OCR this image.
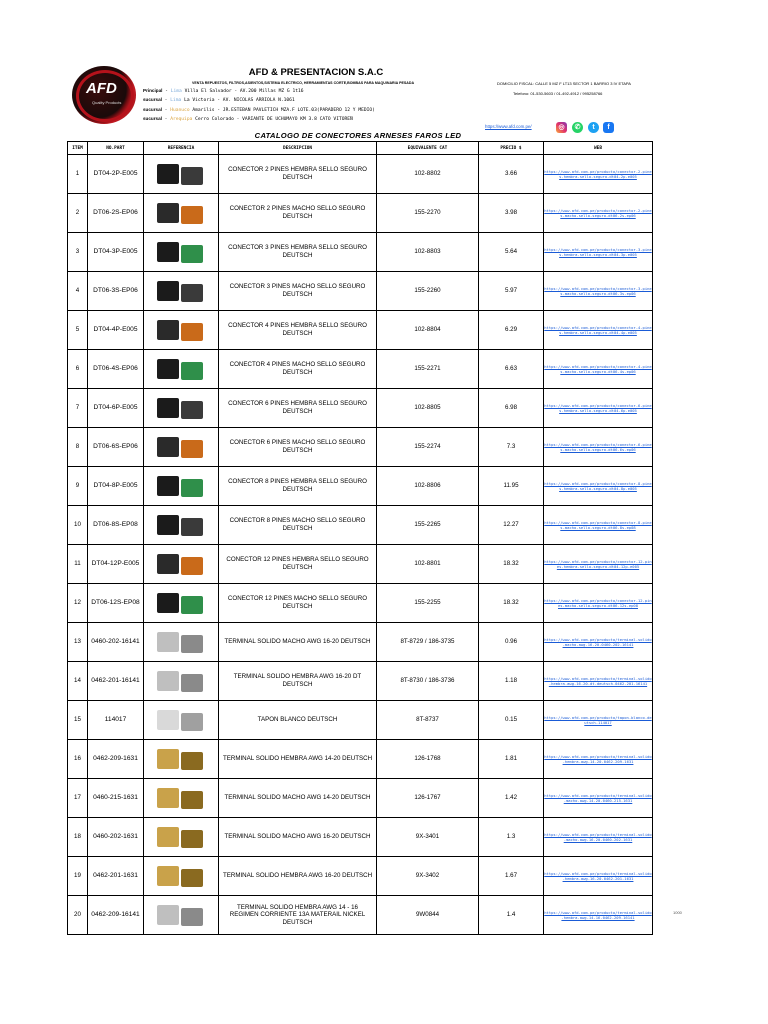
AFD
Quality Products
AFD & PRESENTACION S.A.C
VENTA REPUESTOS, FILTROS,ASIENTOS,SISTEMA ELECTRICO, HERRAMIENTAS CORTE,BOMBAS PARA MAQUINARIA PESADA
Principal - Lima Villa El Salvador - AV.200 Millas MZ G 1t16
sucursal - Lima La Victoria - AV. NICOLAS ARRIOLA N.1061
sucursal - Huanuco Amarilis - JR.ESTEBAN PAVLETICH MZA.F LOTE.03(PARADERO 12 Y MEDIO)
sucursal - Arequipa Cerro Colorado - VARIANTE DE UCHUMAYO KM 3.8 CATO VITOREÑ
DOMICILIO FISCAL: CALLE 5 MZ F LT13 SECTOR 1 BARRIO 3 IV ETAPA
Telefono: 01-530-5603 / 01-492-4912 / 995258766
https://www.afd.com.pe/	◎	✆	t	f
CATALOGO DE CONECTORES ARNESES FAROS LED
ITEM	NO.PART	REFERENCIA	DESCRIPCION	EQUIVALENTE CAT	PRECIO $	WEB
1	DT04-2P-E005		CONECTOR 2 PINES HEMBRA SELLO SEGURO DEUTSCH	102-8802	3.66	https://www.afd.com.pe/producto/conector-2-pines-hembra-sello-seguro-dt04-2p-e005
2	DT06-2S-EP06		CONECTOR 2 PINES MACHO SELLO SEGURO DEUTSCH	155-2270	3.98	https://www.afd.com.pe/producto/conector-2-pines-macho-sello-seguro-dt06-2s-ep06
3	DT04-3P-E005		CONECTOR 3 PINES HEMBRA SELLO SEGURO DEUTSCH	102-8803	5.64	https://www.afd.com.pe/producto/conector-3-pines-hembra-sello-seguro-dt04-3p-e005
4	DT06-3S-EP06		CONECTOR 3 PINES MACHO SELLO SEGURO DEUTSCH	155-2260	5.97	https://www.afd.com.pe/producto/conector-3-pines-macho-sello-seguro-dt06-3s-ep06
5	DT04-4P-E005		CONECTOR 4 PINES HEMBRA SELLO SEGURO DEUTSCH	102-8804	6.29	https://www.afd.com.pe/producto/conector-4-pines-hembra-sello-seguro-dt04-4p-e005
6	DT06-4S-EP06		CONECTOR 4 PINES MACHO SELLO SEGURO DEUTSCH	155-2271	6.63	https://www.afd.com.pe/producto/conector-4-pines-macho-sello-seguro-dt06-4s-ep06
7	DT04-6P-E005		CONECTOR 6 PINES HEMBRA SELLO SEGURO DEUTSCH	102-8805	6.98	https://www.afd.com.pe/producto/conector-6-pines-hembra-sello-seguro-dt04-6p-e005
8	DT06-6S-EP06		CONECTOR 6 PINES MACHO SELLO SEGURO DEUTSCH	155-2274	7.3	https://www.afd.com.pe/producto/conector-6-pines-macho-sello-seguro-dt06-6s-ep06
9	DT04-8P-E005		CONECTOR 8 PINES HEMBRA SELLO SEGURO DEUTSCH	102-8806	11.95	https://www.afd.com.pe/producto/conector-8-pines-hembra-sello-seguro-dt04-8p-e005
10	DT06-8S-EP08		CONECTOR 8 PINES MACHO SELLO SEGURO DEUTSCH	155-2265	12.27	https://www.afd.com.pe/producto/conector-8-pines-macho-sello-seguro-dt06-8s-ep08
11	DT04-12P-E005		CONECTOR 12 PINES HEMBRA SELLO SEGURO DEUTSCH	102-8801	18.32	https://www.afd.com.pe/producto/conector-12-pines-hembra-sello-seguro-dt04-12p-e005
12	DT06-12S-EP08		CONECTOR 12 PINES MACHO SELLO SEGURO DEUTSCH	155-2255	18.32	https://www.afd.com.pe/producto/conector-12-pines-macho-sello-seguro-dt06-12s-ep08
13	0460-202-16141		TERMINAL SOLIDO MACHO AWG 16-20 DEUTSCH	8T-8729 / 186-3735	0.96	https://www.afd.com.pe/producto/terminal-solido-macho-awg-16-20-0460-202-16141
14	0462-201-16141		TERMINAL SOLIDO HEMBRA AWG 16-20 DT DEUTSCH	8T-8730 / 186-3736	1.18	https://www.afd.com.pe/producto/terminal-solido-hembra-awg-16-20-dt-deutsch-0462-201-16141
15	114017		TAPON BLANCO DEUTSCH	8T-8737	0.15	https://www.afd.com.pe/producto/tapon-blanco-deutsch-114017
16	0462-209-1631		TERMINAL SOLIDO HEMBRA AWG 14-20 DEUTSCH	126-1768	1.81	https://www.afd.com.pe/producto/terminal-solido-hembra-awg-14-20-0462-209-1631
17	0460-215-1631		TERMINAL SOLIDO MACHO AWG 14-20 DEUTSCH	126-1767	1.42	https://www.afd.com.pe/producto/terminal-solido-macho-awg-14-20-0460-215-1631
18	0460-202-1631		TERMINAL SOLIDO MACHO AWG 16-20 DEUTSCH	9X-3401	1.3	https://www.afd.com.pe/producto/terminal-solido-macho-awg-16-20-0460-202-1631
19	0462-201-1631		TERMINAL SOLIDO HEMBRA AWG 16-20 DEUTSCH	9X-3402	1.67	https://www.afd.com.pe/producto/terminal-solido-hembra-awg-16-20-0462-201-1631
20	0462-209-16141		TERMINAL SOLIDO HEMBRA AWG 14 - 16 REGIMEN CORRIENTE 13A MATERAIL NICKEL DEUTSCH	9W0844	1.4	https://www.afd.com.pe/producto/terminal-solido-hembra-awg-14-16-0462-209-16141
1000
